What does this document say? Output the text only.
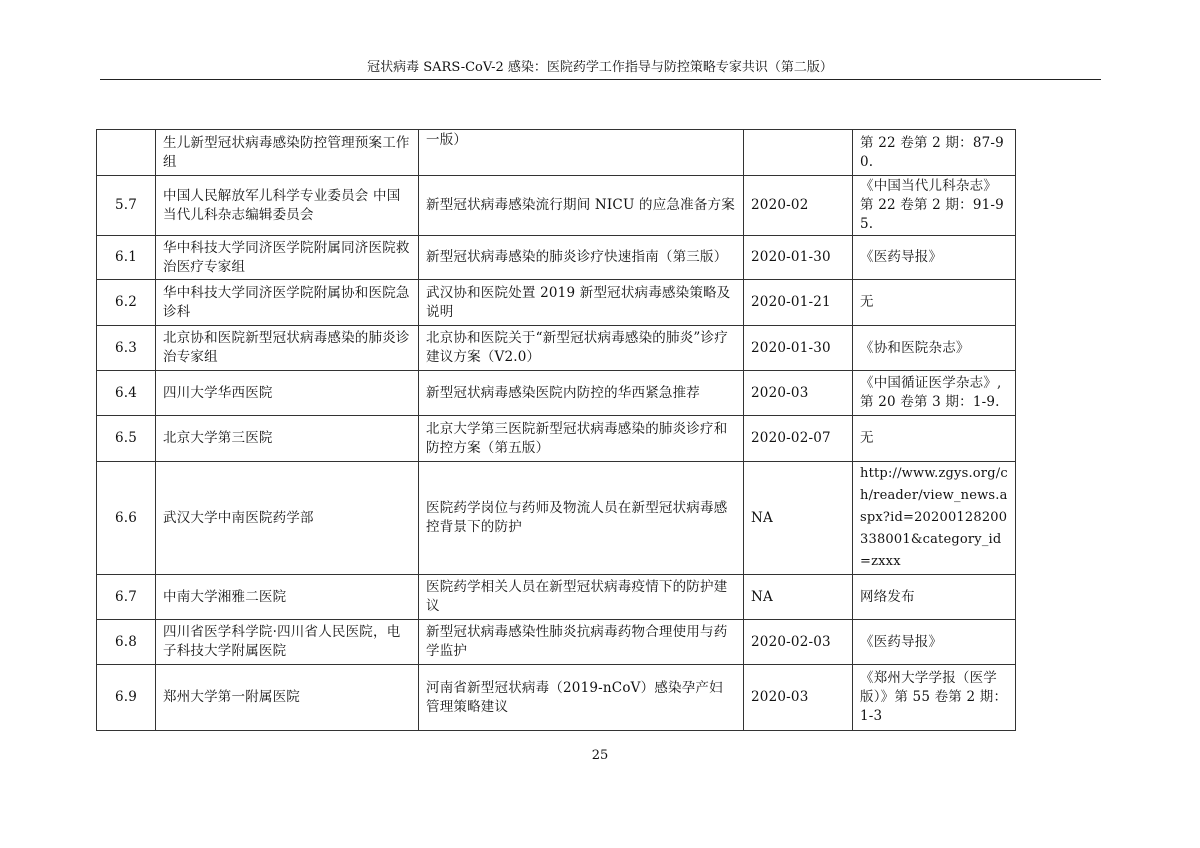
冠状病毒 SARS-CoV-2 感染：医院药学工作指导与防控策略专家共识（第二版）
	生儿新型冠状病毒感染防控管理预案工作组	一版）		第 22 卷第 2 期：87-90.
5.7	中国人民解放军儿科学专业委员会 中国当代儿科杂志编辑委员会	新型冠状病毒感染流行期间 NICU 的应急准备方案	2020-02	《中国当代儿科杂志》第 22 卷第 2 期：91-95.
6.1	华中科技大学同济医学院附属同济医院救治医疗专家组	新型冠状病毒感染的肺炎诊疗快速指南（第三版）	2020-01-30	《医药导报》
6.2	华中科技大学同济医学院附属协和医院急诊科	武汉协和医院处置 2019 新型冠状病毒感染策略及说明	2020-01-21	无
6.3	北京协和医院新型冠状病毒感染的肺炎诊治专家组	北京协和医院关于“新型冠状病毒感染的肺炎”诊疗建议方案（V2.0）	2020-01-30	《协和医院杂志》
6.4	四川大学华西医院	新型冠状病毒感染医院内防控的华西紧急推荐	2020-03	《中国循证医学杂志》, 第 20 卷第 3 期：1-9.
6.5	北京大学第三医院	北京大学第三医院新型冠状病毒感染的肺炎诊疗和防控方案（第五版）	2020-02-07	无
6.6	武汉大学中南医院药学部	医院药学岗位与药师及物流人员在新型冠状病毒感控背景下的防护	NA	http://www.zgys.org/ch/reader/view_news.aspx?id=20200128200338001&category_id=zxxx
6.7	中南大学湘雅二医院	医院药学相关人员在新型冠状病毒疫情下的防护建议	NA	网络发布
6.8	四川省医学科学院·四川省人民医院，电子科技大学附属医院	新型冠状病毒感染性肺炎抗病毒药物合理使用与药学监护	2020-02-03	《医药导报》
6.9	郑州大学第一附属医院	河南省新型冠状病毒（2019-nCoV）感染孕产妇管理策略建议	2020-03	《郑州大学学报（医学版）》第 55 卷第 2 期：1-3
25
